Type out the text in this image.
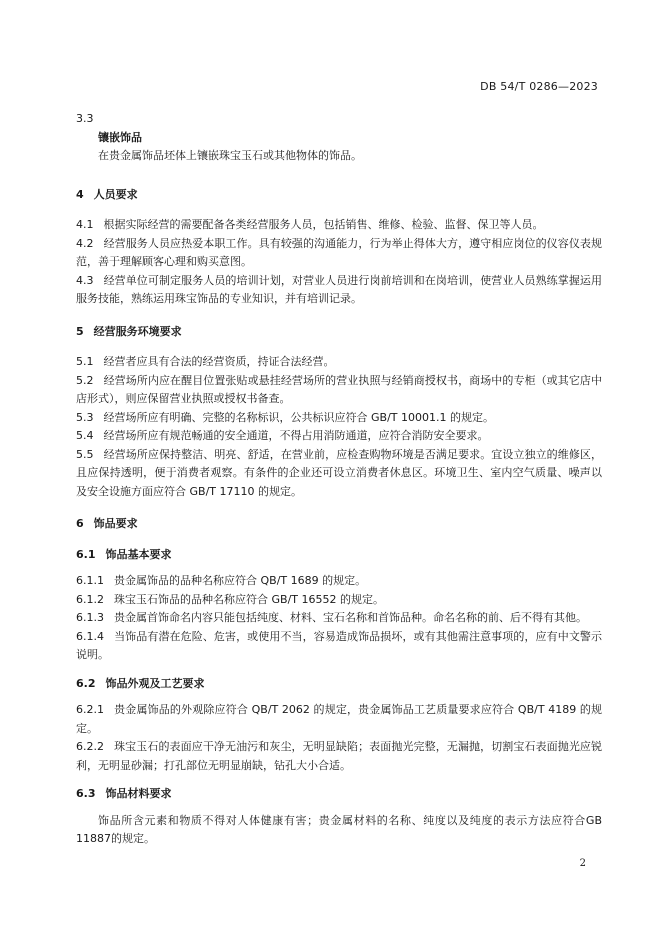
DB 54/T 0286—2023

3.3

镶嵌饰品

在贵金属饰品坯体上镶嵌珠宝玉石或其他物体的饰品。

4 人员要求

4.1 根据实际经营的需要配备各类经营服务人员，包括销售、维修、检验、监督、保卫等人员。

4.2 经营服务人员应热爱本职工作。具有较强的沟通能力，行为举止得体大方，遵守相应岗位的仪容仪表规范，善于理解顾客心理和购买意图。

4.3 经营单位可制定服务人员的培训计划，对营业人员进行岗前培训和在岗培训，使营业人员熟练掌握运用服务技能，熟练运用珠宝饰品的专业知识，并有培训记录。

5 经营服务环境要求

5.1 经营者应具有合法的经营资质，持证合法经营。

5.2 经营场所内应在醒目位置张贴或悬挂经营场所的营业执照与经销商授权书，商场中的专柜（或其它店中店形式），则应保留营业执照或授权书备查。

5.3 经营场所应有明确、完整的名称标识，公共标识应符合 GB/T 10001.1 的规定。

5.4 经营场所应有规范畅通的安全通道，不得占用消防通道，应符合消防安全要求。

5.5 经营场所应保持整洁、明亮、舒适，在营业前，应检查购物环境是否满足要求。宜设立独立的维修区，且应保持透明，便于消费者观察。有条件的企业还可设立消费者休息区。环境卫生、室内空气质量、噪声以及安全设施方面应符合 GB/T 17110 的规定。

6 饰品要求

6.1 饰品基本要求

6.1.1 贵金属饰品的品种名称应符合 QB/T 1689 的规定。

6.1.2 珠宝玉石饰品的品种名称应符合 GB/T 16552 的规定。

6.1.3 贵金属首饰命名内容只能包括纯度、材料、宝石名称和首饰品种。命名名称的前、后不得有其他。

6.1.4 当饰品有潜在危险、危害，或使用不当，容易造成饰品损坏，或有其他需注意事项的，应有中文警示说明。

6.2 饰品外观及工艺要求

6.2.1 贵金属饰品的外观除应符合 QB/T 2062 的规定，贵金属饰品工艺质量要求应符合 QB/T 4189 的规定。

6.2.2 珠宝玉石的表面应干净无油污和灰尘，无明显缺陷；表面抛光完整，无漏抛，切割宝石表面抛光应锐利，无明显砂漏；打孔部位无明显崩缺，钻孔大小合适。

6.3 饰品材料要求

饰品所含元素和物质不得对人体健康有害；贵金属材料的名称、纯度以及纯度的表示方法应符合GB 11887的规定。

2
